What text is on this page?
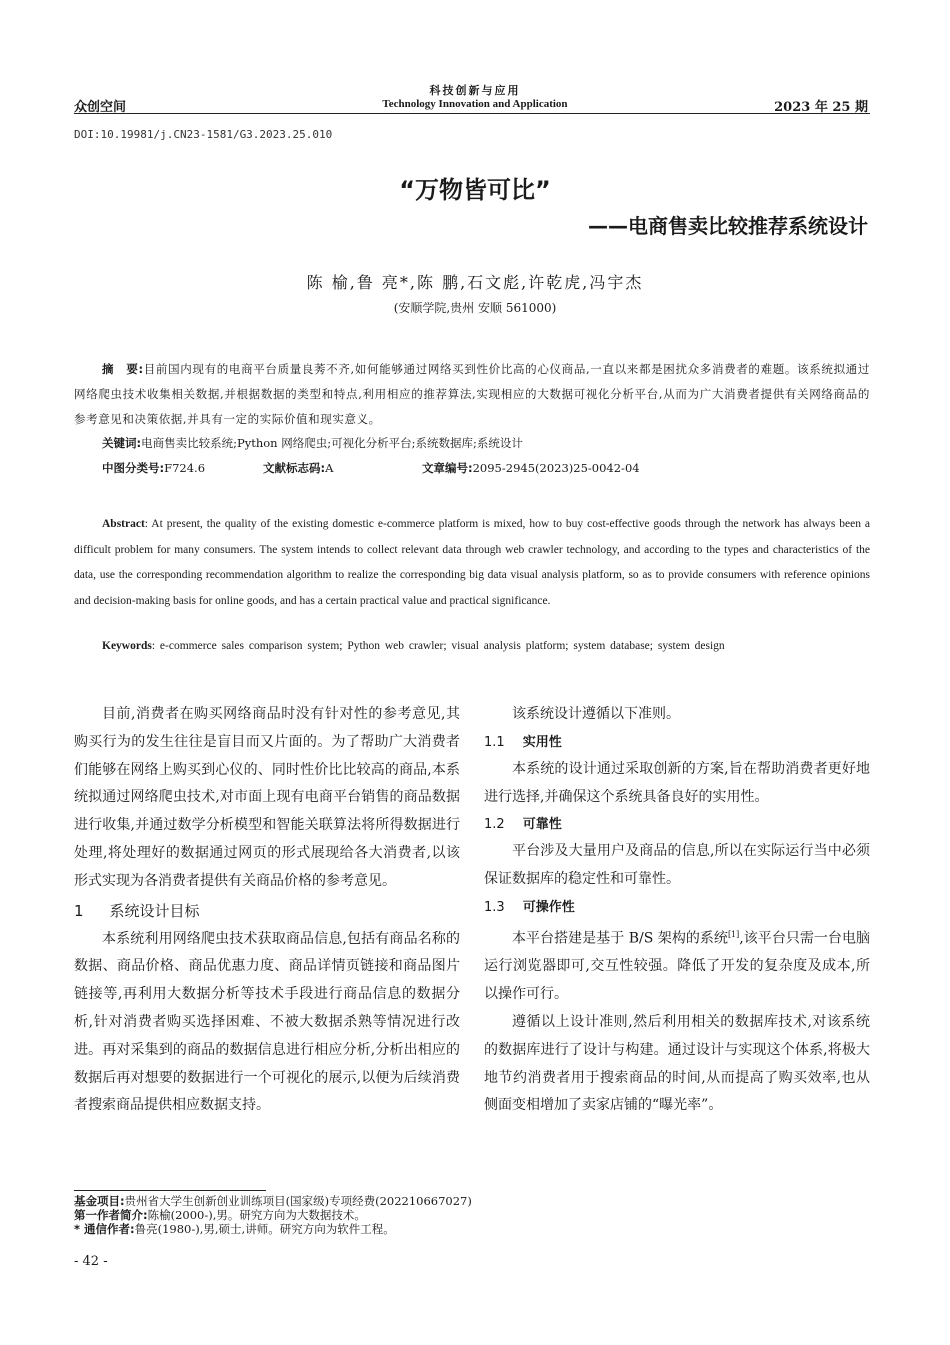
科技创新与应用
众创空间	Technology Innovation and Application	2023 年 25 期
DOI:10.19981/j.CN23-1581/G3.2023.25.010
“万物皆可比”
——电商售卖比较推荐系统设计
陈 榆,鲁 亮*,陈 鹏,石文彪,许乾虎,冯宇杰
(安顺学院,贵州 安顺 561000)
摘　要:目前国内现有的电商平台质量良莠不齐,如何能够通过网络买到性价比高的心仪商品,一直以来都是困扰众多消费者的难题。该系统拟通过网络爬虫技术收集相关数据,并根据数据的类型和特点,利用相应的推荐算法,实现相应的大数据可视化分析平台,从而为广大消费者提供有关网络商品的参考意见和决策依据,并具有一定的实际价值和现实意义。
关键词:电商售卖比较系统;Python 网络爬虫;可视化分析平台;系统数据库;系统设计
中图分类号:F724.6	文献标志码:A	文章编号:2095-2945(2023)25-0042-04
Abstract: At present, the quality of the existing domestic e-commerce platform is mixed, how to buy cost-effective goods through the network has always been a difficult problem for many consumers. The system intends to collect relevant data through web crawler technology, and according to the types and characteristics of the data, use the corresponding recommendation algorithm to realize the corresponding big data visual analysis platform, so as to provide consumers with reference opinions and decision-making basis for online goods, and has a certain practical value and practical significance.
Keywords: e-commerce sales comparison system; Python web crawler; visual analysis platform; system database; system design

目前,消费者在购买网络商品时没有针对性的参考意见,其购买行为的发生往往是盲目而又片面的。为了帮助广大消费者们能够在网络上购买到心仪的、同时性价比比较高的商品,本系统拟通过网络爬虫技术,对市面上现有电商平台销售的商品数据进行收集,并通过数学分析模型和智能关联算法将所得数据进行处理,将处理好的数据通过网页的形式展现给各大消费者,以该形式实现为各消费者提供有关商品价格的参考意见。

1 系统设计目标

本系统利用网络爬虫技术获取商品信息,包括有商品名称的数据、商品价格、商品优惠力度、商品详情页链接和商品图片链接等,再利用大数据分析等技术手段进行商品信息的数据分析,针对消费者购买选择困难、不被大数据杀熟等情况进行改进。再对采集到的商品的数据信息进行相应分析,分析出相应的数据后再对想要的数据进行一个可视化的展示,以便为后续消费者搜索商品提供相应数据支持。

该系统设计遵循以下准则。

1.1 实用性

本系统的设计通过采取创新的方案,旨在帮助消费者更好地进行选择,并确保这个系统具备良好的实用性。

1.2 可靠性

平台涉及大量用户及商品的信息,所以在实际运行当中必须保证数据库的稳定性和可靠性。

1.3 可操作性

本平台搭建是基于 B/S 架构的系统[1],该平台只需一台电脑运行浏览器即可,交互性较强。降低了开发的复杂度及成本,所以操作可行。

遵循以上设计准则,然后利用相关的数据库技术,对该系统的数据库进行了设计与构建。通过设计与实现这个体系,将极大地节约消费者用于搜索商品的时间,从而提高了购买效率,也从侧面变相增加了卖家店铺的“曝光率”。

基金项目:贵州省大学生创新创业训练项目(国家级)专项经费(202210667027)
第一作者简介:陈榆(2000-),男。研究方向为大数据技术。
* 通信作者:鲁亮(1980-),男,硕士,讲师。研究方向为软件工程。
- 42 -
